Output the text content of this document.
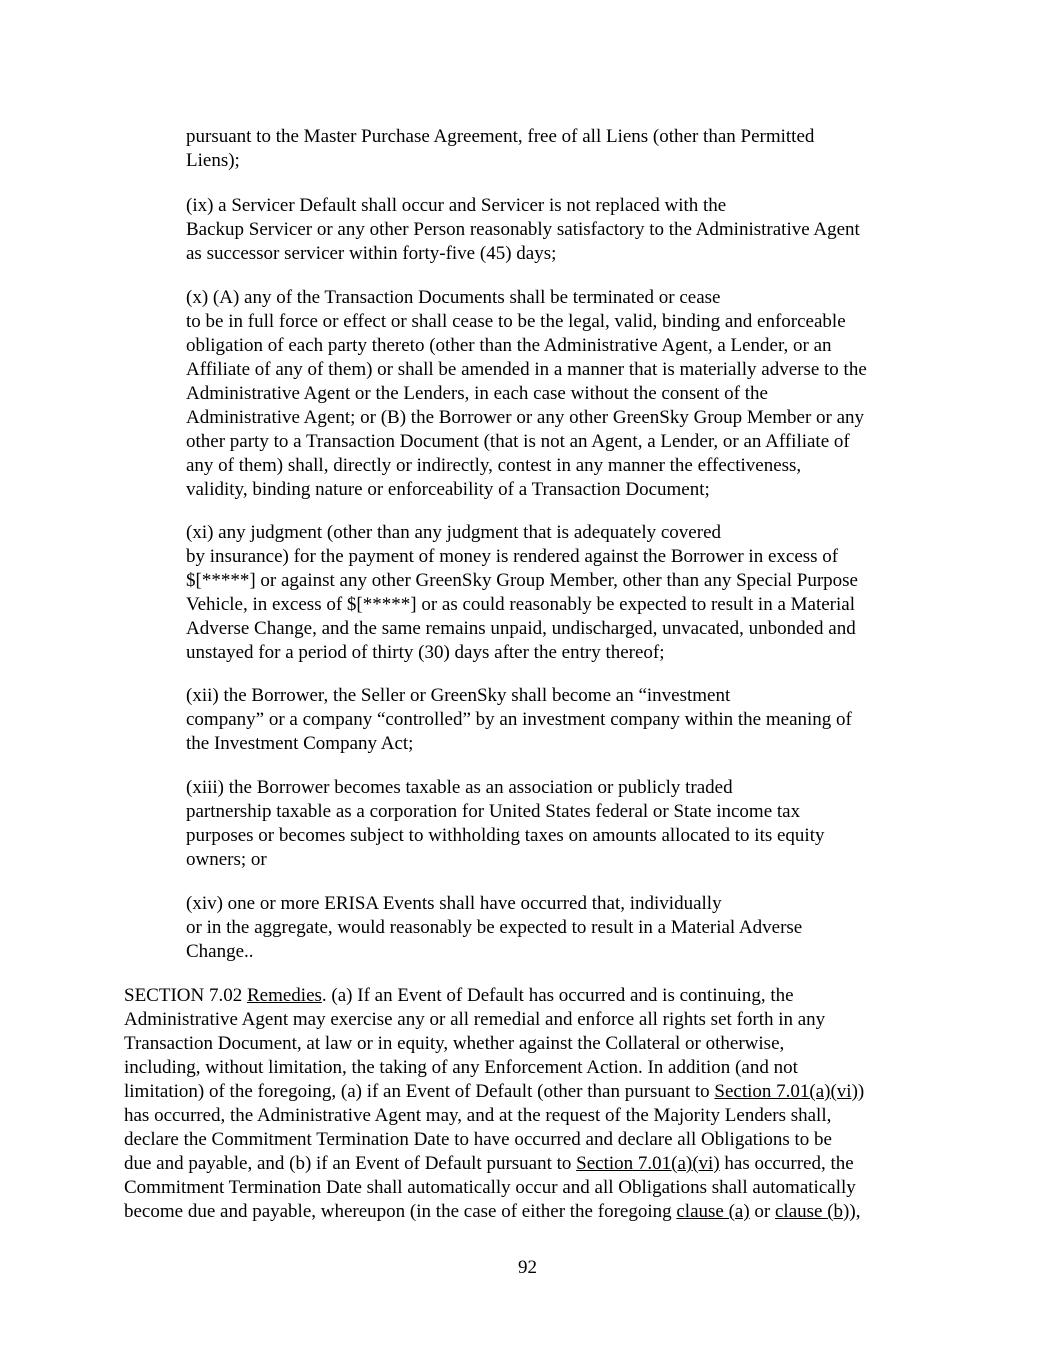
pursuant to the Master Purchase Agreement, free of all Liens (other than Permitted
Liens);

(ix) a Servicer Default shall occur and Servicer is not replaced with the
Backup Servicer or any other Person reasonably satisfactory to the Administrative Agent
as successor servicer within forty-five (45) days;

(x) (A) any of the Transaction Documents shall be terminated or cease
to be in full force or effect or shall cease to be the legal, valid, binding and enforceable
obligation of each party thereto (other than the Administrative Agent, a Lender, or an
Affiliate of any of them) or shall be amended in a manner that is materially adverse to the
Administrative Agent or the Lenders, in each case without the consent of the
Administrative Agent; or (B) the Borrower or any other GreenSky Group Member or any
other party to a Transaction Document (that is not an Agent, a Lender, or an Affiliate of
any of them) shall, directly or indirectly, contest in any manner the effectiveness,
validity, binding nature or enforceability of a Transaction Document;

(xi) any judgment (other than any judgment that is adequately covered
by insurance) for the payment of money is rendered against the Borrower in excess of
$[*****] or against any other GreenSky Group Member, other than any Special Purpose
Vehicle, in excess of $[*****] or as could reasonably be expected to result in a Material
Adverse Change, and the same remains unpaid, undischarged, unvacated, unbonded and
unstayed for a period of thirty (30) days after the entry thereof;

(xii) the Borrower, the Seller or GreenSky shall become an “investment
company” or a company “controlled” by an investment company within the meaning of
the Investment Company Act;

(xiii) the Borrower becomes taxable as an association or publicly traded
partnership taxable as a corporation for United States federal or State income tax
purposes or becomes subject to withholding taxes on amounts allocated to its equity
owners; or

(xiv) one or more ERISA Events shall have occurred that, individually
or in the aggregate, would reasonably be expected to result in a Material Adverse
Change..

SECTION 7.02 Remedies. (a) If an Event of Default has occurred and is continuing, the
Administrative Agent may exercise any or all remedial and enforce all rights set forth in any
Transaction Document, at law or in equity, whether against the Collateral or otherwise,
including, without limitation, the taking of any Enforcement Action. In addition (and not
limitation) of the foregoing, (a) if an Event of Default (other than pursuant to Section 7.01(a)(vi))
has occurred, the Administrative Agent may, and at the request of the Majority Lenders shall,
declare the Commitment Termination Date to have occurred and declare all Obligations to be
due and payable, and (b) if an Event of Default pursuant to Section 7.01(a)(vi) has occurred, the
Commitment Termination Date shall automatically occur and all Obligations shall automatically
become due and payable, whereupon (in the case of either the foregoing clause (a) or clause (b)),

92
